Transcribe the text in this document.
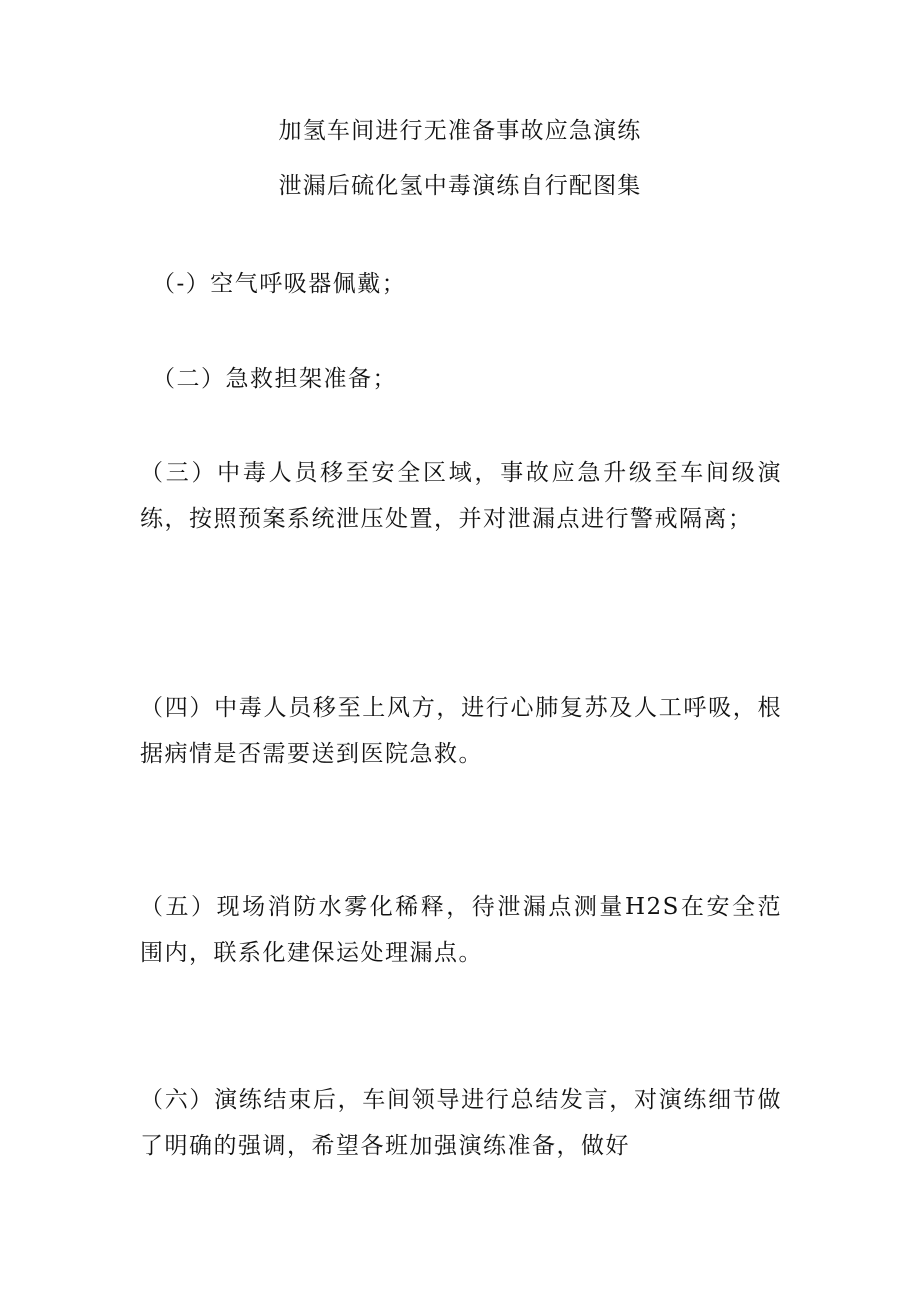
加氢车间进行无准备事故应急演练
泄漏后硫化氢中毒演练自行配图集
（-）空气呼吸器佩戴；
（二）急救担架准备；
（三）中毒人员移至安全区域，事故应急升级至车间级演练，按照预案系统泄压处置，并对泄漏点进行警戒隔离；
（四）中毒人员移至上风方，进行心肺复苏及人工呼吸，根据病情是否需要送到医院急救。
（五）现场消防水雾化稀释，待泄漏点测量H2S在安全范围内，联系化建保运处理漏点。
（六）演练结束后，车间领导进行总结发言，对演练细节做了明确的强调，希望各班加强演练准备，做好
